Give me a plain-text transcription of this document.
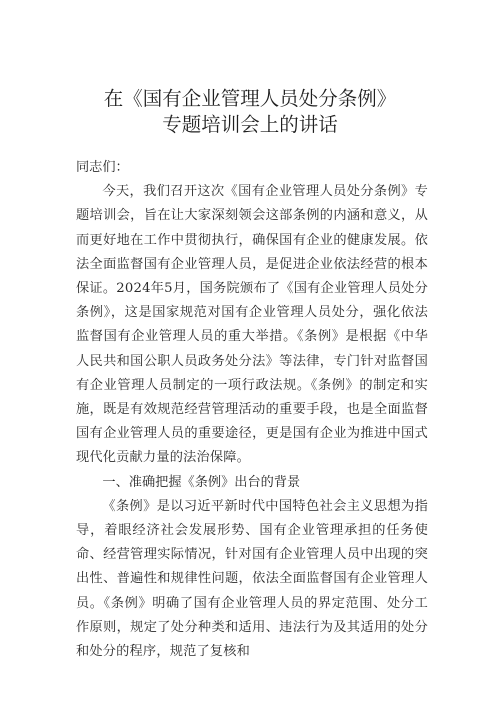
在《国有企业管理人员处分条例》
专题培训会上的讲话

同志们：

今天，我们召开这次《国有企业管理人员处分条例》专题培训会，旨在让大家深刻领会这部条例的内涵和意义，从而更好地在工作中贯彻执行，确保国有企业的健康发展。依法全面监督国有企业管理人员，是促进企业依法经营的根本保证。2024年5月，国务院颁布了《国有企业管理人员处分条例》，这是国家规范对国有企业管理人员处分，强化依法监督国有企业管理人员的重大举措。《条例》是根据《中华人民共和国公职人员政务处分法》等法律，专门针对监督国有企业管理人员制定的一项行政法规。《条例》的制定和实施，既是有效规范经营管理活动的重要手段，也是全面监督国有企业管理人员的重要途径，更是国有企业为推进中国式现代化贡献力量的法治保障。

一、准确把握《条例》出台的背景

《条例》是以习近平新时代中国特色社会主义思想为指导，着眼经济社会发展形势、国有企业管理承担的任务使命、经营管理实际情况，针对国有企业管理人员中出现的突出性、普遍性和规律性问题，依法全面监督国有企业管理人员。《条例》明确了国有企业管理人员的界定范围、处分工作原则，规定了处分种类和适用、违法行为及其适用的处分和处分的程序，规范了复核和
